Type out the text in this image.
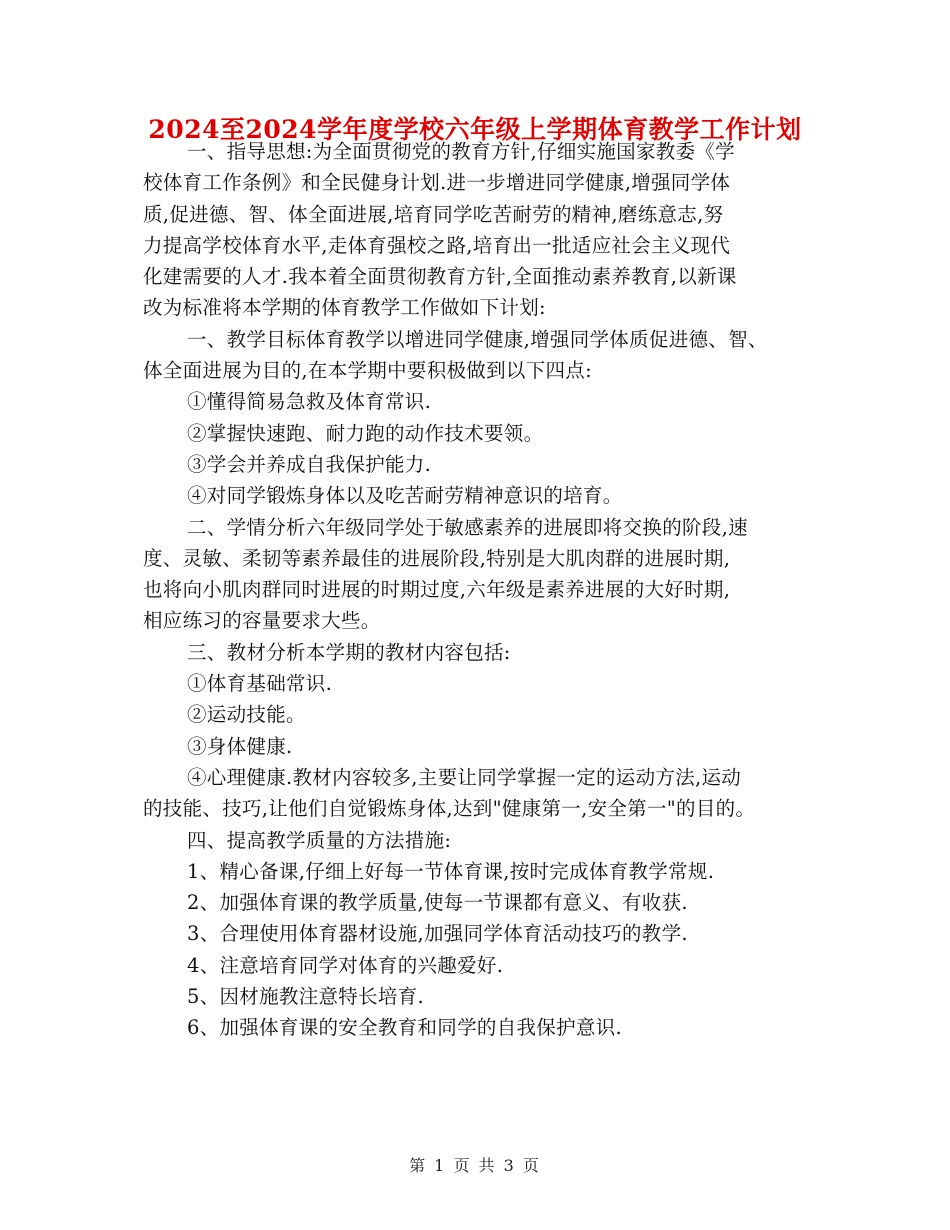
2024至2024学年度学校六年级上学期体育教学工作计划
一、指导思想:为全面贯彻党的教育方针,仔细实施国家教委《学
校体育工作条例》和全民健身计划.进一步增进同学健康,增强同学体
质,促进德、智、体全面进展,培育同学吃苦耐劳的精神,磨练意志,努
力提高学校体育水平,走体育强校之路,培育出一批适应社会主义现代
化建需要的人才.我本着全面贯彻教育方针,全面推动素养教育,以新课
改为标准将本学期的体育教学工作做如下计划:
一、教学目标体育教学以增进同学健康,增强同学体质促进德、智、
体全面进展为目的,在本学期中要积极做到以下四点:
①懂得简易急救及体育常识.
②掌握快速跑、耐力跑的动作技术要领。
③学会并养成自我保护能力.
④对同学锻炼身体以及吃苦耐劳精神意识的培育。
二、学情分析六年级同学处于敏感素养的进展即将交换的阶段,速
度、灵敏、柔韧等素养最佳的进展阶段,特别是大肌肉群的进展时期,
也将向小肌肉群同时进展的时期过度,六年级是素养进展的大好时期,
相应练习的容量要求大些。
三、教材分析本学期的教材内容包括:
①体育基础常识.
②运动技能。
③身体健康.
④心理健康.教材内容较多,主要让同学掌握一定的运动方法,运动
的技能、技巧,让他们自觉锻炼身体,达到"健康第一,安全第一"的目的。
四、提高教学质量的方法措施:
1、精心备课,仔细上好每一节体育课,按时完成体育教学常规.
2、加强体育课的教学质量,使每一节课都有意义、有收获.
3、合理使用体育器材设施,加强同学体育活动技巧的教学.
4、注意培育同学对体育的兴趣爱好.
5、因材施教注意特长培育.
6、加强体育课的安全教育和同学的自我保护意识.
第 1 页 共 3 页
